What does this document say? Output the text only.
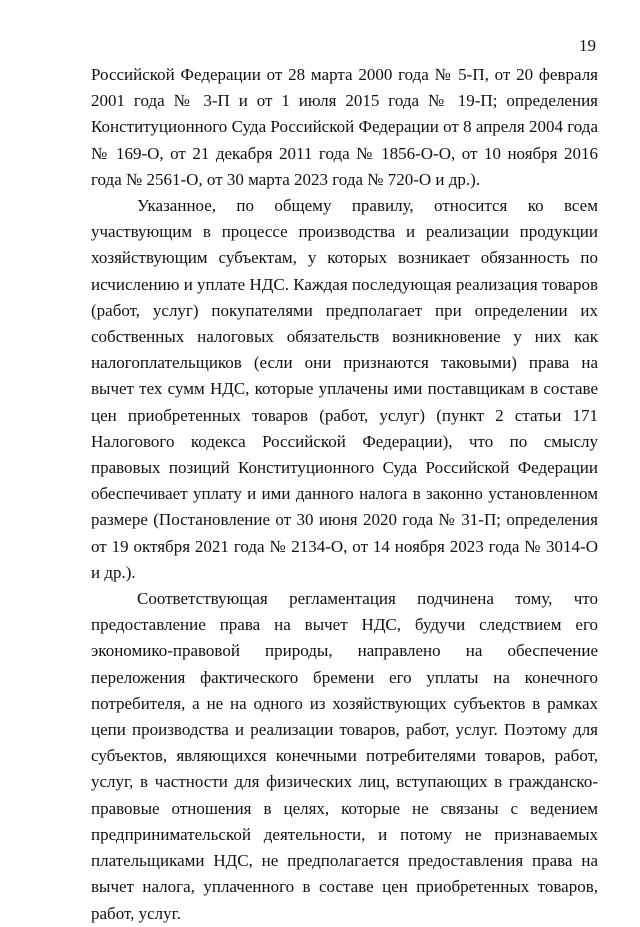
19

Российской Федерации от 28 марта 2000 года № 5-П, от 20 февраля 2001 года № 3-П и от 1 июля 2015 года № 19-П; определения Конституционного Суда Российской Федерации от 8 апреля 2004 года № 169-О, от 21 декабря 2011 года № 1856-О-О, от 10 ноября 2016 года № 2561-О, от 30 марта 2023 года № 720-О и др.).

Указанное, по общему правилу, относится ко всем участвующим в процессе производства и реализации продукции хозяйствующим субъектам, у которых возникает обязанность по исчислению и уплате НДС. Каждая последующая реализация товаров (работ, услуг) покупателями предполагает при определении их собственных налоговых обязательств возникновение у них как налогоплательщиков (если они признаются таковыми) права на вычет тех сумм НДС, которые уплачены ими поставщикам в составе цен приобретенных товаров (работ, услуг) (пункт 2 статьи 171 Налогового кодекса Российской Федерации), что по смыслу правовых позиций Конституционного Суда Российской Федерации обеспечивает уплату и ими данного налога в законно установленном размере (Постановление от 30 июня 2020 года № 31-П; определения от 19 октября 2021 года № 2134-О, от 14 ноября 2023 года № 3014-О и др.).

Соответствующая регламентация подчинена тому, что предоставление права на вычет НДС, будучи следствием его экономико-правовой природы, направлено на обеспечение переложения фактического бремени его уплаты на конечного потребителя, а не на одного из хозяйствующих субъектов в рамках цепи производства и реализации товаров, работ, услуг. Поэтому для субъектов, являющихся конечными потребителями товаров, работ, услуг, в частности для физических лиц, вступающих в гражданско-правовые отношения в целях, которые не связаны с ведением предпринимательской деятельности, и потому не признаваемых плательщиками НДС, не предполагается предоставления права на вычет налога, уплаченного в составе цен приобретенных товаров, работ, услуг.
